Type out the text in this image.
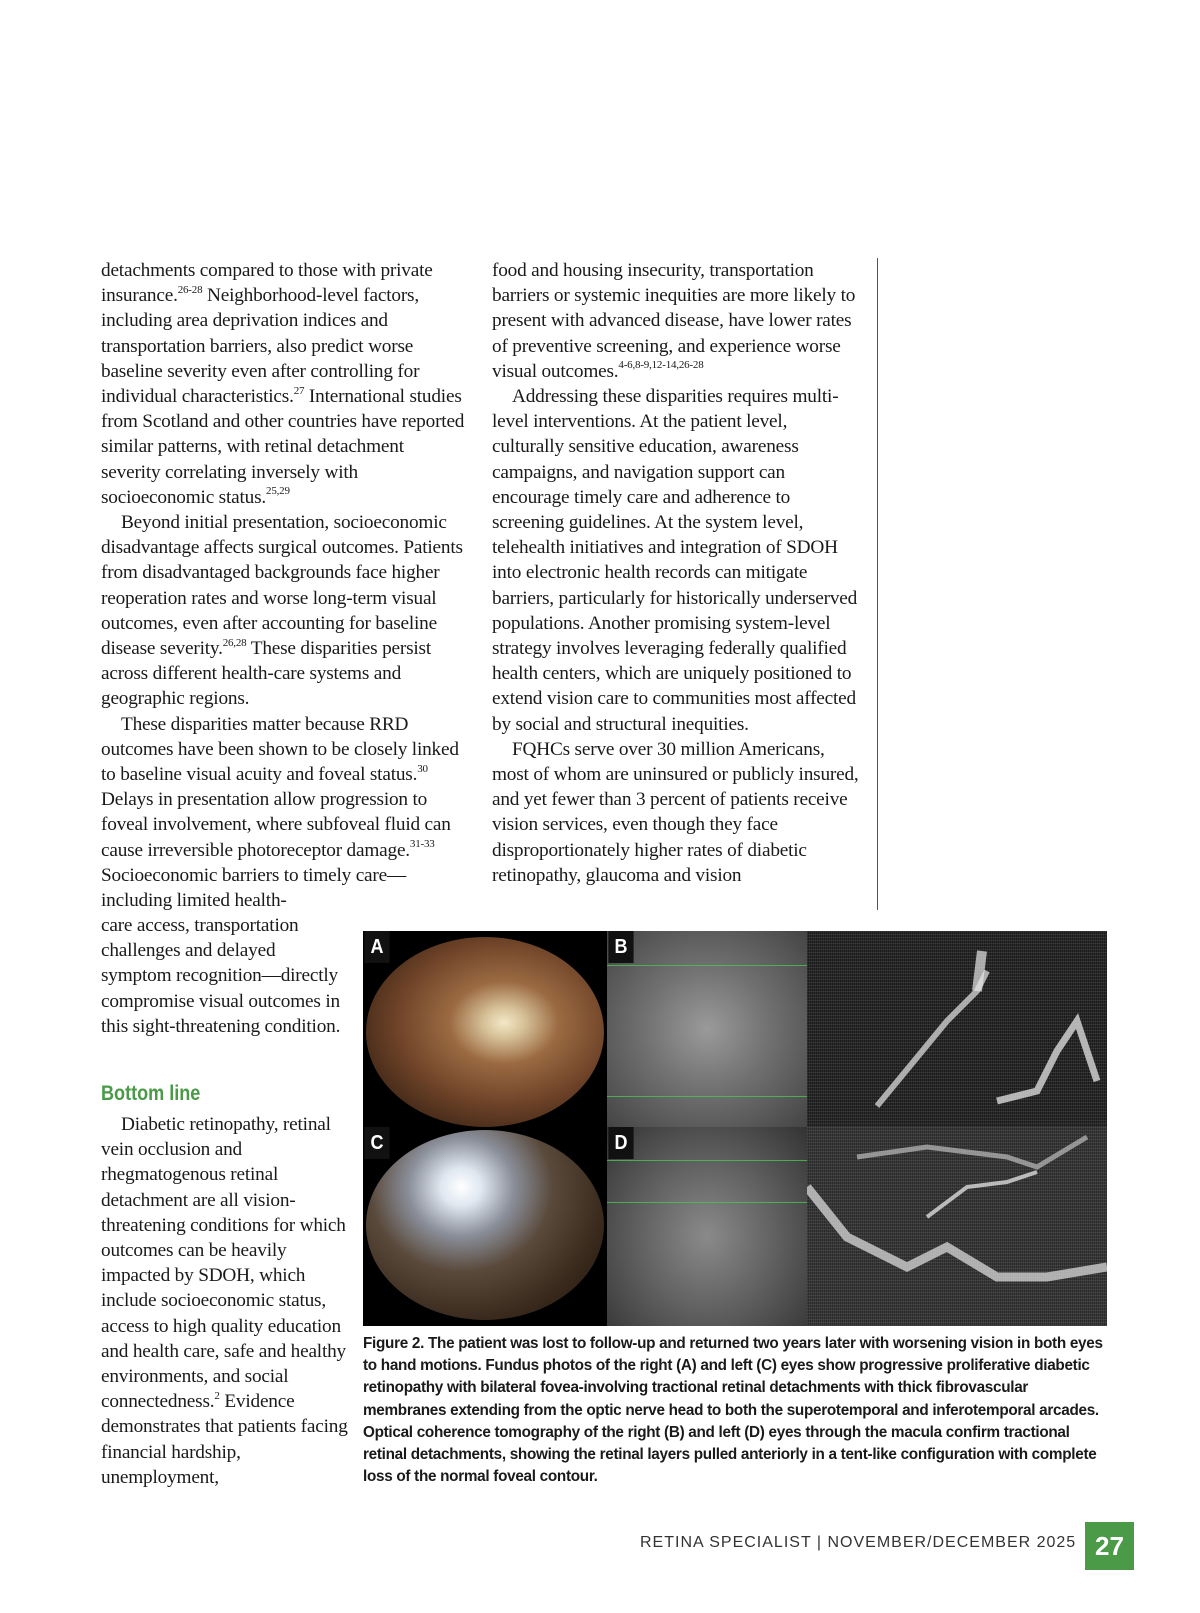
detachments compared to those with private insurance.$^{26-28}$ Neighborhood-level factors, including area deprivation indices and transportation barriers, also predict worse baseline severity even after controlling for individual characteristics.$^{27}$ International studies from Scotland and other countries have reported similar patterns, with retinal detachment severity correlating inversely with socioeconomic status.$^{25,29}$

Beyond initial presentation, socioeconomic disadvantage affects surgical outcomes. Patients from disadvantaged backgrounds face higher reoperation rates and worse long-term visual outcomes, even after accounting for baseline disease severity.$^{26,28}$ These disparities persist across different health-care systems and geographic regions.

These disparities matter because RRD outcomes have been shown to be closely linked to baseline visual acuity and foveal status.$^{30}$ Delays in presentation allow progression to foveal involvement, where subfoveal fluid can cause irreversible photoreceptor damage.$^{31-33}$ Socioeconomic barriers to timely care—including limited health-

care access, transportation challenges and delayed symptom recognition—directly compromise visual outcomes in this sight-threatening condition.

Bottom line

Diabetic retinopathy, retinal vein occlusion and rhegmatogenous retinal detachment are all vision-threatening conditions for which outcomes can be heavily impacted by SDOH, which include socioeconomic status, access to high quality education and health care, safe and healthy environments, and social connectedness.$^2$ Evidence demonstrates that patients facing financial hardship, unemployment,

food and housing insecurity, transportation barriers or systemic inequities are more likely to present with advanced disease, have lower rates of preventive screening, and experience worse visual outcomes.$^{4-6,8-9,12-14,26-28}$

Addressing these disparities requires multi-level interventions. At the patient level, culturally sensitive education, awareness campaigns, and navigation support can encourage timely care and adherence to screening guidelines. At the system level, telehealth initiatives and integration of SDOH into electronic health records can mitigate barriers, particularly for historically underserved populations. Another promising system-level strategy involves leveraging federally qualified health centers, which are uniquely positioned to extend vision care to communities most affected by social and structural inequities.

FQHCs serve over 30 million Americans, most of whom are uninsured or publicly insured, and yet fewer than 3 percent of patients receive vision services, even though they face disproportionately higher rates of diabetic retinopathy, glaucoma and vision

A	B
C	D
Figure 2. The patient was lost to follow-up and returned two years later with worsening vision in both eyes to hand motions. Fundus photos of the right (A) and left (C) eyes show progressive proliferative diabetic retinopathy with bilateral fovea-involving tractional retinal detachments with thick fibrovascular membranes extending from the optic nerve head to both the superotemporal and inferotemporal arcades. Optical coherence tomography of the right (B) and left (D) eyes through the macula confirm tractional retinal detachments, showing the retinal layers pulled anteriorly in a tent-like configuration with complete loss of the normal foveal contour.
RETINA SPECIALIST | NOVEMBER/DECEMBER 2025 27
